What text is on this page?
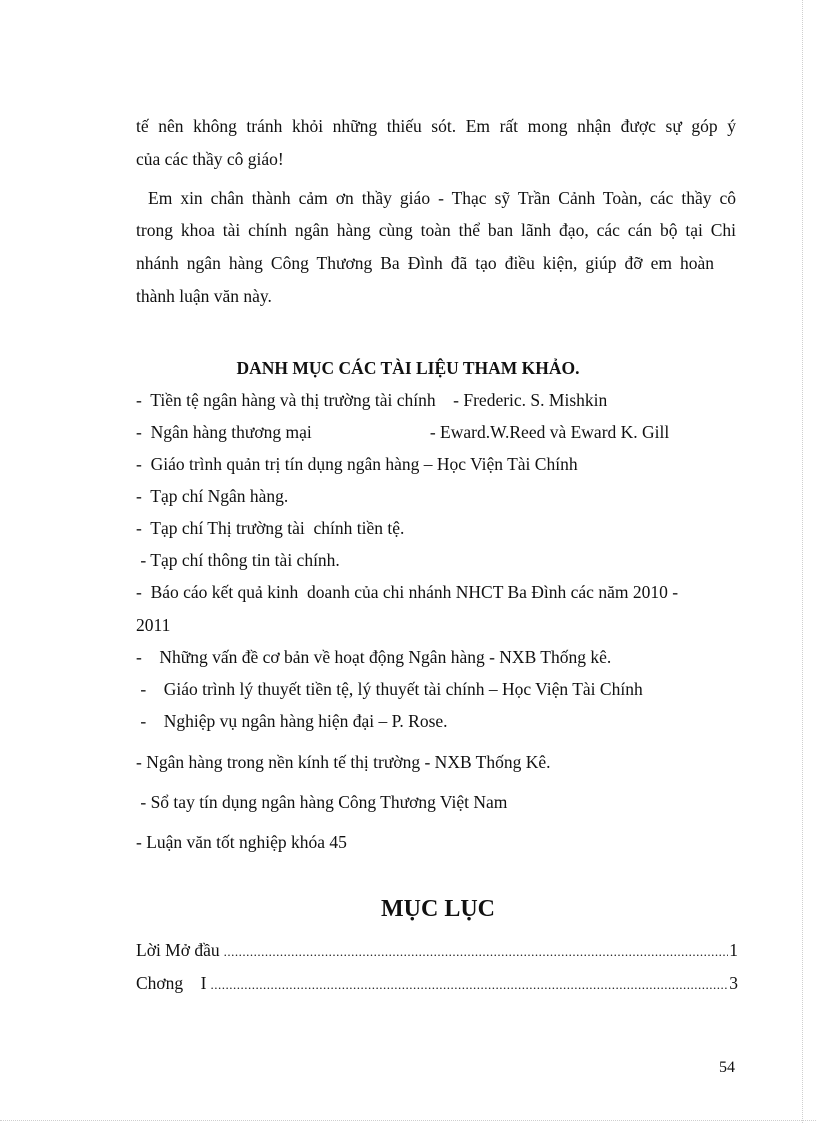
tế nên không tránh khỏi những thiếu sót. Em rất mong nhận được sự góp ý
của các thầy cô giáo!
Em xin chân thành cảm ơn thầy giáo - Thạc sỹ Trần Cảnh Toàn, các thầy cô
trong khoa tài chính ngân hàng cùng toàn thể ban lãnh đạo, các cán bộ tại Chi
nhánh ngân hàng Công Thương Ba Đình đã tạo điều kiện, giúp đỡ em hoàn
thành luận văn này.
DANH MỤC CÁC TÀI LIỆU THAM KHẢO.
-  Tiền tệ ngân hàng và thị trường tài chính    - Frederic. S. Mishkin
-  Ngân hàng thương mại                           - Eward.W.Reed và Eward K. Gill
-  Giáo trình quản trị tín dụng ngân hàng – Học Viện Tài Chính
-  Tạp chí Ngân hàng.
-  Tạp chí Thị trường tài  chính tiền tệ.
- Tạp chí thông tin tài chính.
-  Báo cáo kết quả kinh  doanh của chi nhánh NHCT Ba Đình các năm 2010 -
2011
-    Những vấn đề cơ bản về hoạt động Ngân hàng - NXB Thống kê.
-    Giáo trình lý thuyết tiền tệ, lý thuyết tài chính – Học Viện Tài Chính
-    Nghiệp vụ ngân hàng hiện đại – P. Rose.
- Ngân hàng trong nền kính tế thị trường - NXB Thống Kê.
- Sổ tay tín dụng ngân hàng Công Thương Việt Nam
- Luận văn tốt nghiệp khóa 45
MỤC LỤC
Lời Mở đầu .....	1
Chơng    I .....	3
54
